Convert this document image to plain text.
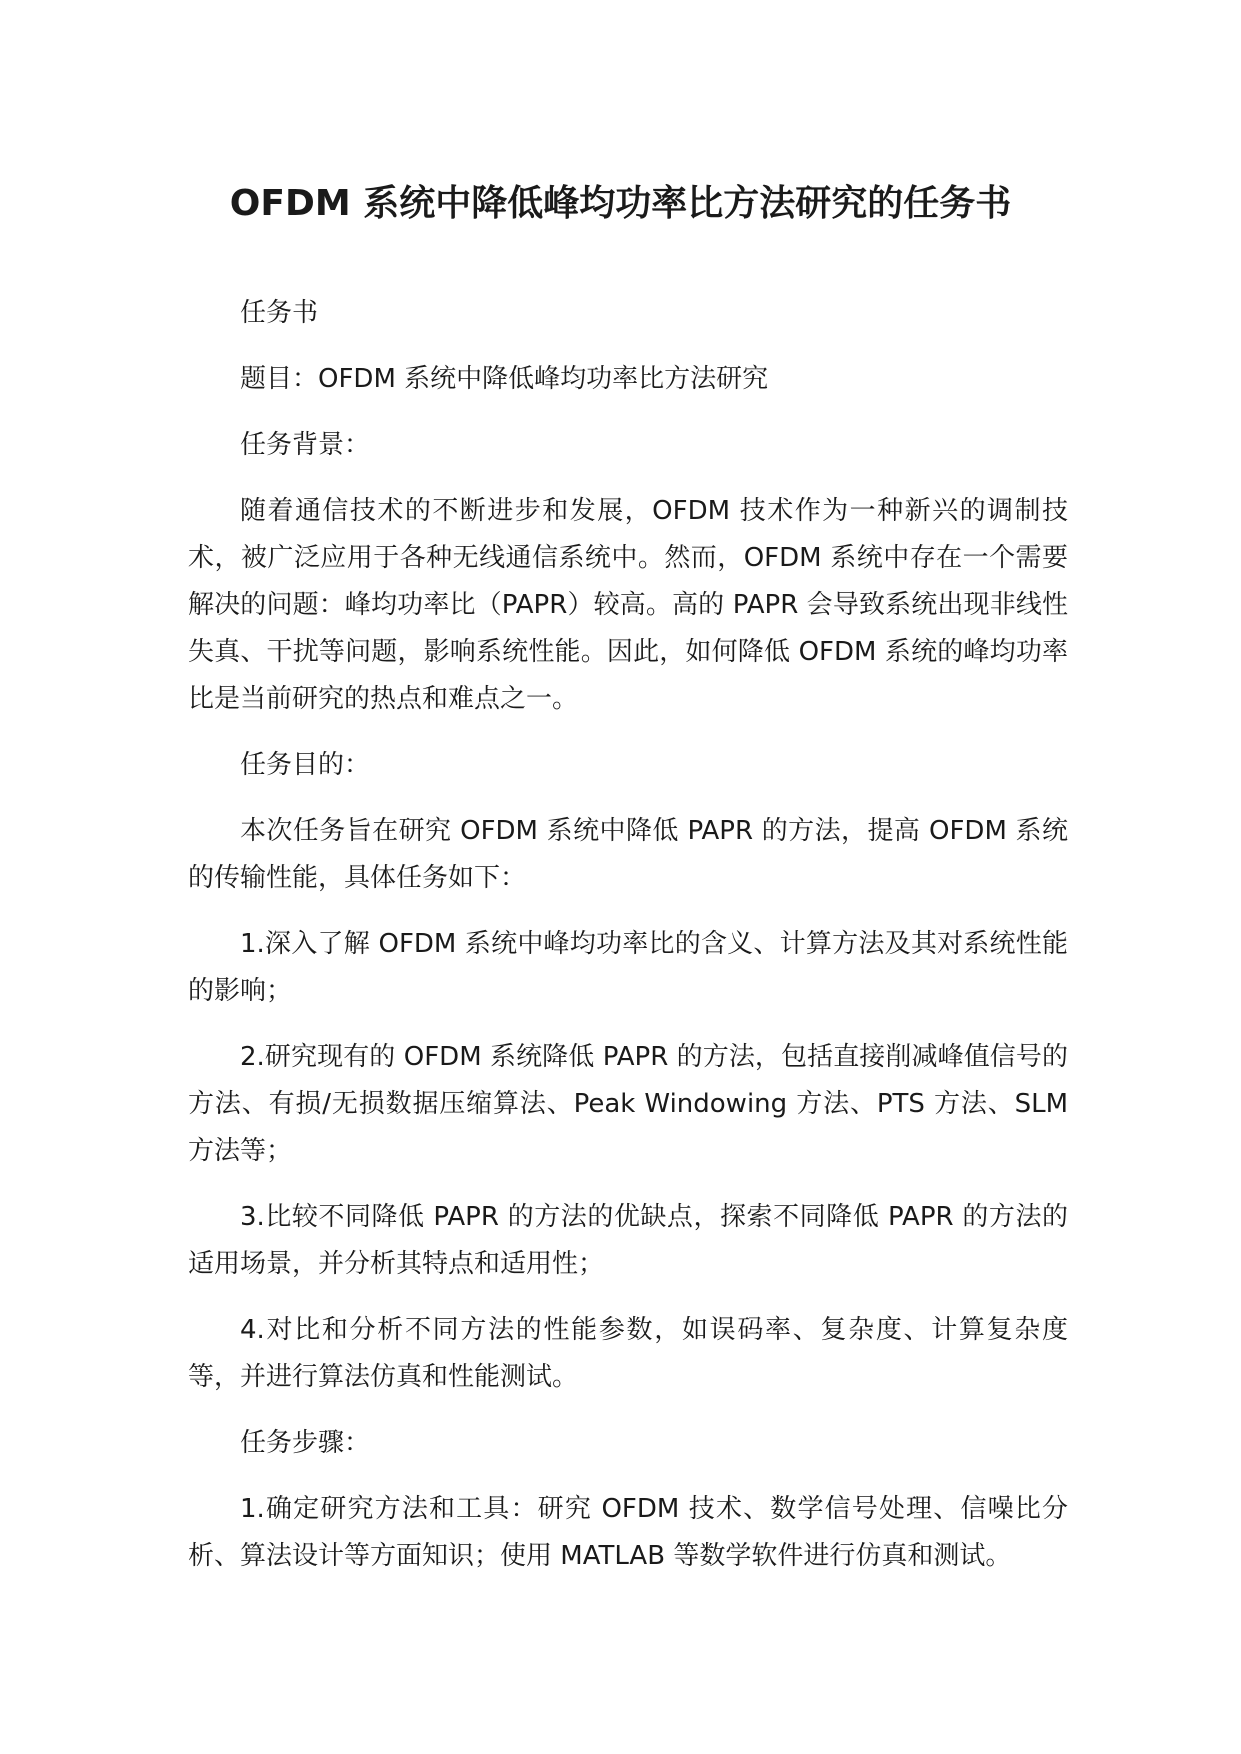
OFDM 系统中降低峰均功率比方法研究的任务书

任务书

题目：OFDM 系统中降低峰均功率比方法研究

任务背景：

随着通信技术的不断进步和发展，OFDM 技术作为一种新兴的调制技术，被广泛应用于各种无线通信系统中。然而，OFDM 系统中存在一个需要解决的问题：峰均功率比（PAPR）较高。高的 PAPR 会导致系统出现非线性失真、干扰等问题，影响系统性能。因此，如何降低 OFDM 系统的峰均功率比是当前研究的热点和难点之一。

任务目的：

本次任务旨在研究 OFDM 系统中降低 PAPR 的方法，提高 OFDM 系统的传输性能，具体任务如下：

1.深入了解 OFDM 系统中峰均功率比的含义、计算方法及其对系统性能的影响；

2.研究现有的 OFDM 系统降低 PAPR 的方法，包括直接削减峰值信号的方法、有损/无损数据压缩算法、Peak Windowing 方法、PTS 方法、SLM 方法等；

3.比较不同降低 PAPR 的方法的优缺点，探索不同降低 PAPR 的方法的适用场景，并分析其特点和适用性；

4.对比和分析不同方法的性能参数，如误码率、复杂度、计算复杂度等，并进行算法仿真和性能测试。

任务步骤：

1.确定研究方法和工具：研究 OFDM 技术、数学信号处理、信噪比分析、算法设计等方面知识；使用 MATLAB 等数学软件进行仿真和测试。
